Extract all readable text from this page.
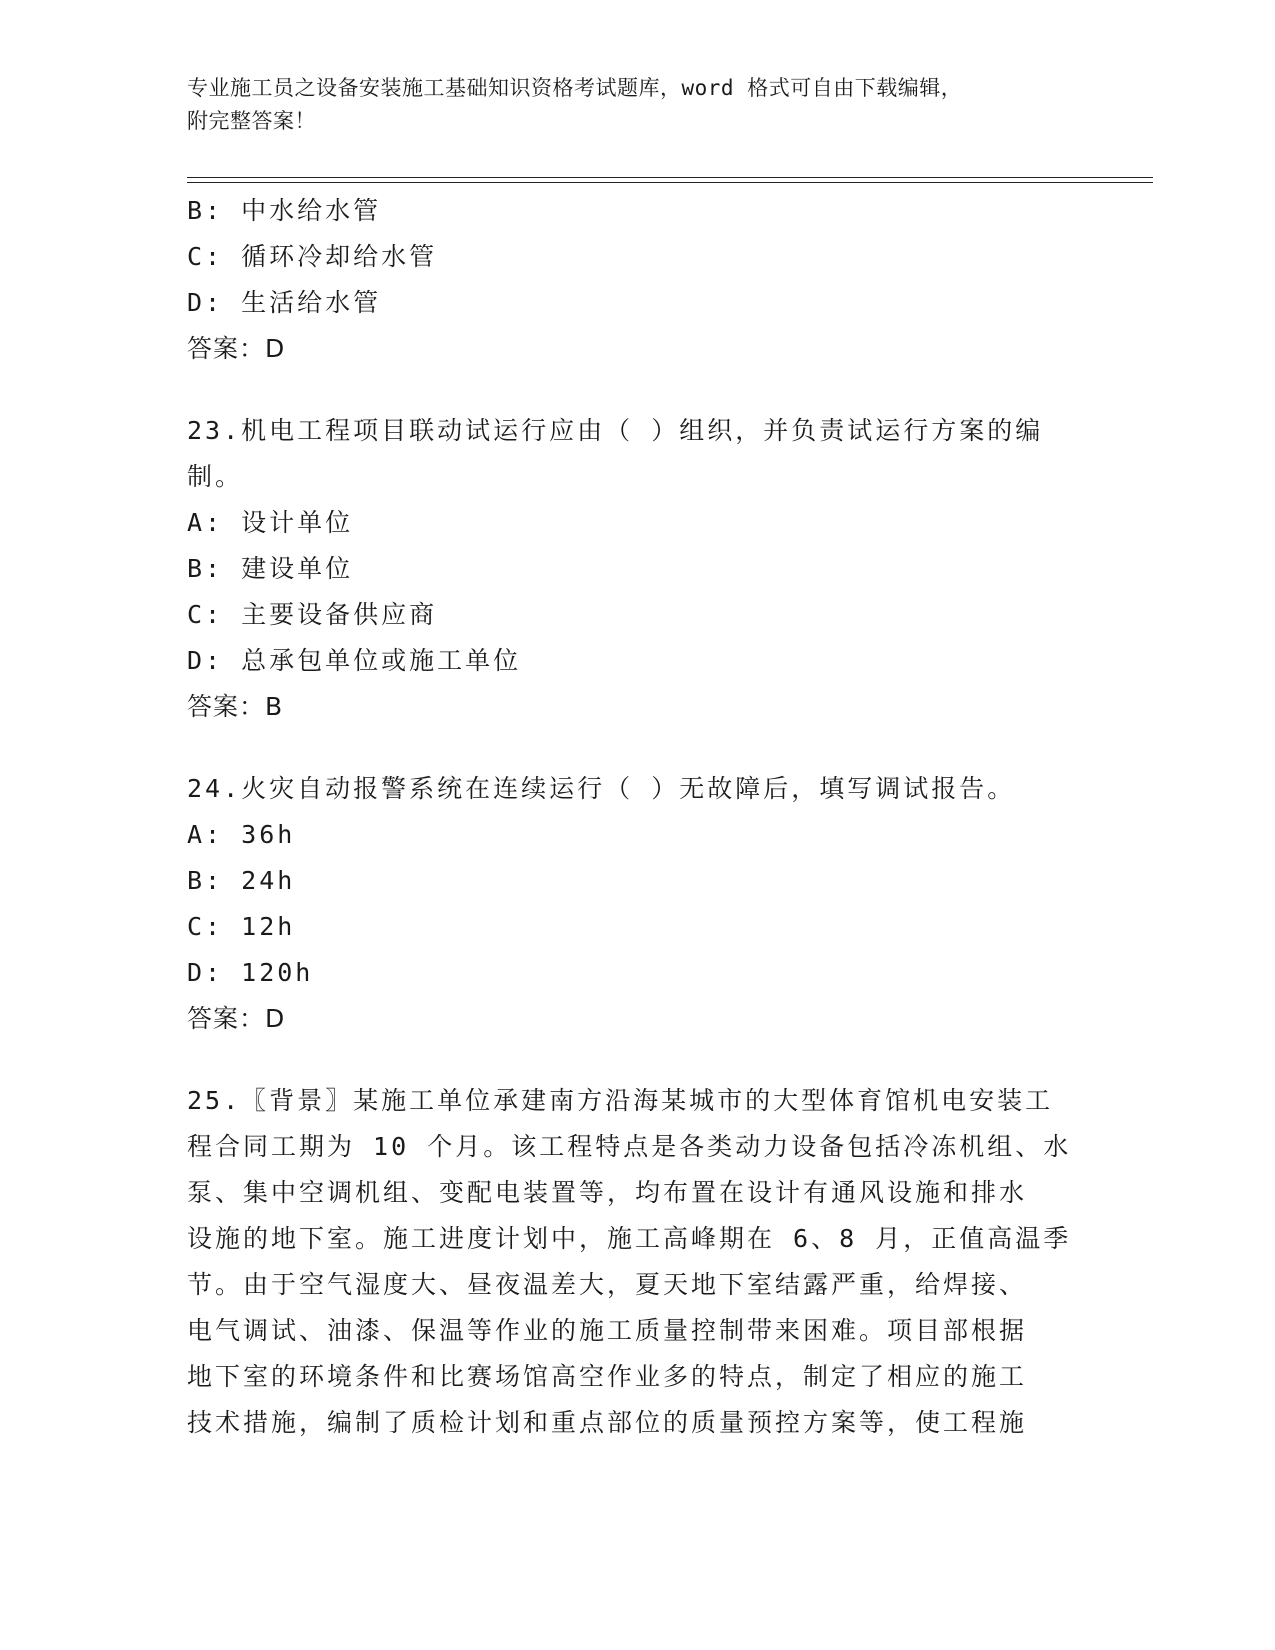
专业施工员之设备安装施工基础知识资格考试题库，word 格式可自由下载编辑，
附完整答案！
B: 中水给水管
C: 循环冷却给水管
D: 生活给水管
答案：D
23.机电工程项目联动试运行应由（ ）组织，并负责试运行方案的编
制。
A: 设计单位
B: 建设单位
C: 主要设备供应商
D: 总承包单位或施工单位
答案：B
24.火灾自动报警系统在连续运行（ ）无故障后，填写调试报告。
A: 36h
B: 24h
C: 12h
D: 120h
答案：D
25.〖背景〗某施工单位承建南方沿海某城市的大型体育馆机电安装工
程合同工期为 10 个月。该工程特点是各类动力设备包括冷冻机组、水
泵、集中空调机组、变配电装置等，均布置在设计有通风设施和排水
设施的地下室。施工进度计划中，施工高峰期在 6、8 月，正值高温季
节。由于空气湿度大、昼夜温差大，夏天地下室结露严重，给焊接、
电气调试、油漆、保温等作业的施工质量控制带来困难。项目部根据
地下室的环境条件和比赛场馆高空作业多的特点，制定了相应的施工
技术措施，编制了质检计划和重点部位的质量预控方案等，使工程施
